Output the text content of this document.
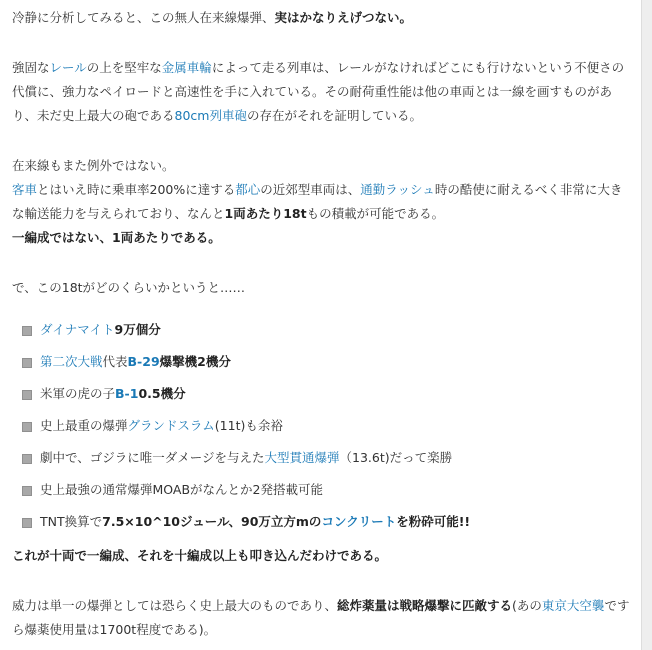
冷静に分析してみると、この無人在来線爆弾、実はかなりえげつない。

強固なレールの上を堅牢な金属車輪によって走る列車は、レールがなければどこにも行けないという不便さの代償に、強力なペイロードと高速性を手に入れている。その耐荷重性能は他の車両とは一線を画すものがあり、未だ史上最大の砲である80cm列車砲の存在がそれを証明している。

在来線もまた例外ではない。
客車とはいえ時に乗車率200%に達する都心の近郊型車両は、通勤ラッシュ時の酷使に耐えるべく非常に大きな輸送能力を与えられており、なんと1両あたり18tもの積載が可能である。
一編成ではない、1両あたりである。

で、この18tがどのくらいかというと……

ダイナマイト9万個分
第二次大戦代表B-29爆撃機2機分
米軍の虎の子B-10.5機分
史上最重の爆弾グランドスラム(11t)も余裕
劇中で、ゴジラに唯一ダメージを与えた大型貫通爆弾（13.6t)だって楽勝
史上最強の通常爆弾MOABがなんとか2発搭載可能
TNT換算で7.5×10^10ジュール、90万立方mのコンクリートを粉砕可能!!

これが十両で一編成、それを十編成以上も叩き込んだわけである。

威力は単一の爆弾としては恐らく史上最大のものであり、総炸薬量は戦略爆撃に匹敵する(あの東京大空襲ですら爆薬使用量は1700t程度である)。
